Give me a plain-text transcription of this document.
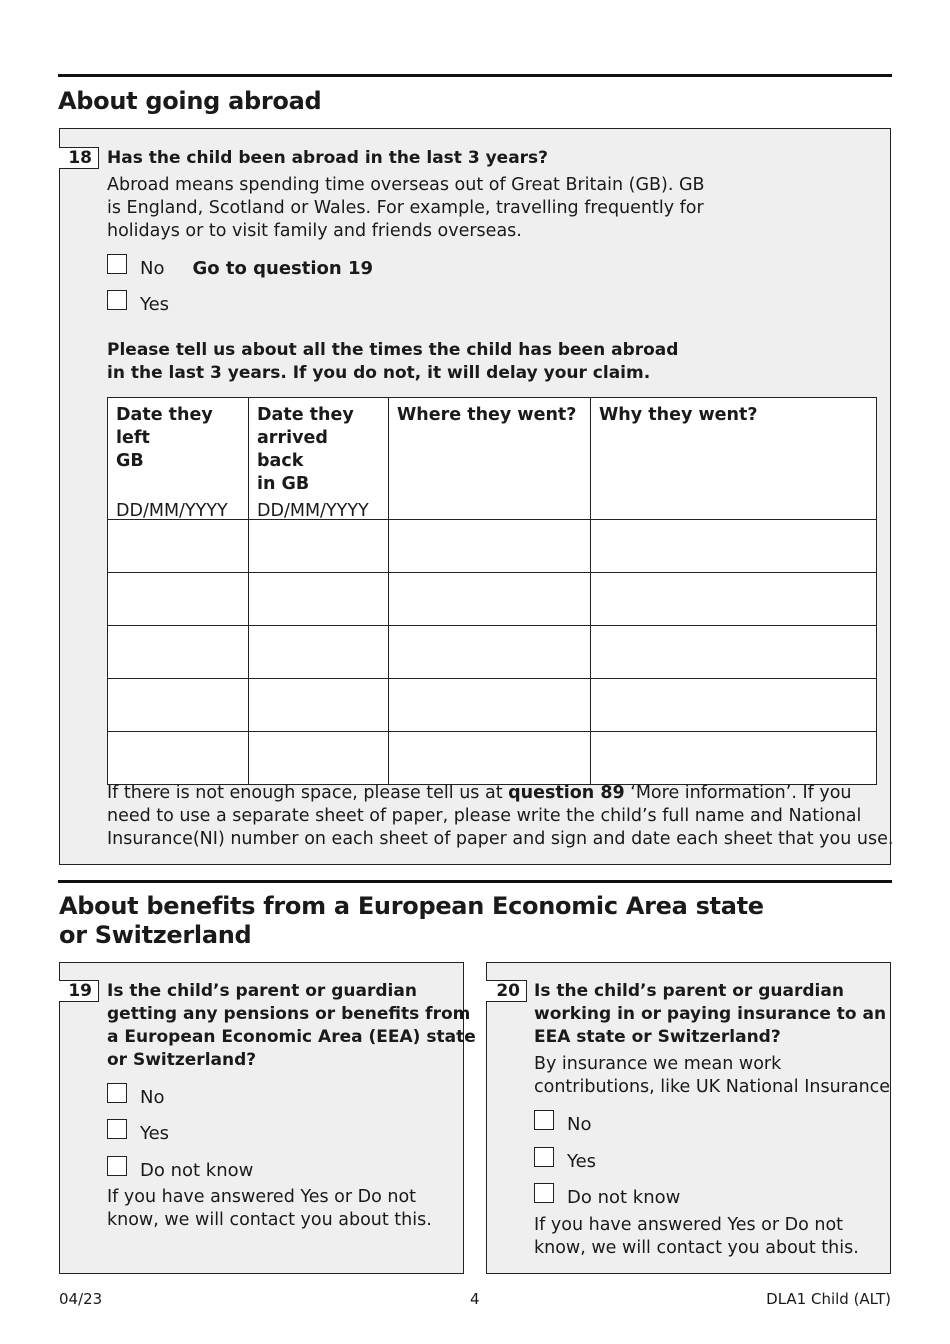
About going abroad
18 Has the child been abroad in the last 3 years?

Abroad means spending time overseas out of Great Britain (GB). GB

is England, Scotland or Wales. For example, travelling frequently for

holidays or to visit family and friends overseas.

No Go to question 19
Yes

Please tell us about all the times the child has been abroad

in the last 3 years. If you do not, it will delay your claim.

Date they left
GB
DD/MM/YYYY	Date they
arrived back
in GB
DD/MM/YYYY	Where they went?	Why they went?

If there is not enough space, please tell us at question 89 ‘More information’. If you

need to use a separate sheet of paper, please write the child’s full name and National

Insurance(NI) number on each sheet of paper and sign and date each sheet that you use.

About benefits from a European Economic Area state
or Switzerland
19 Is the child’s parent or guardian

getting any pensions or benefits from

a European Economic Area (EEA) state

or Switzerland?

No
Yes
Do not know

If you have answered Yes or Do not

know, we will contact you about this.

20 Is the child’s parent or guardian

working in or paying insurance to an

EEA state or Switzerland?

By insurance we mean work

contributions, like UK National Insurance

No
Yes
Do not know

If you have answered Yes or Do not

know, we will contact you about this.

04/23	4	DLA1 Child (ALT)
